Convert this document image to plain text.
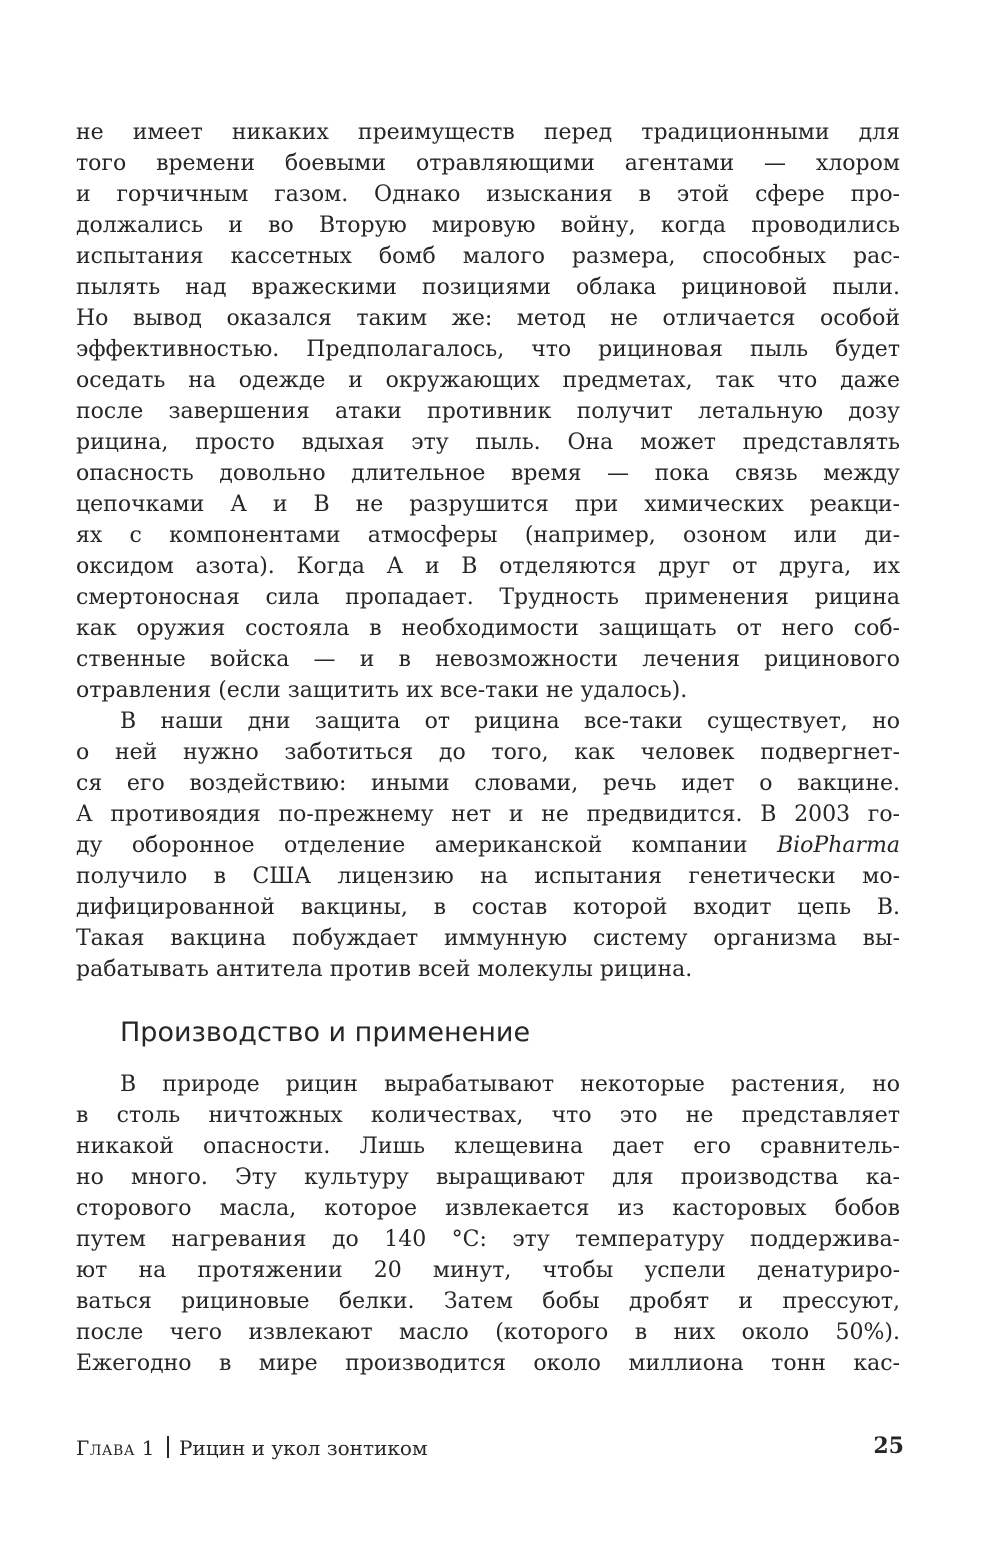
не имеет никаких преимуществ перед традиционными для
того времени боевыми отравляющими агентами — хлором
и горчичным газом. Однако изыскания в этой сфере про-
должались и во Вторую мировую войну, когда проводились
испытания кассетных бомб малого размера, способных рас-
пылять над вражескими позициями облака рициновой пыли.
Но вывод оказался таким же: метод не отличается особой
эффективностью. Предполагалось, что рициновая пыль будет
оседать на одежде и окружающих предметах, так что даже
после завершения атаки противник получит летальную дозу
рицина, просто вдыхая эту пыль. Она может представлять
опасность довольно длительное время — пока связь между
цепочками А и В не разрушится при химических реакци-
ях с компонентами атмосферы (например, озоном или ди-
оксидом азота). Когда А и В отделяются друг от друга, их
смертоносная сила пропадает. Трудность применения рицина
как оружия состояла в необходимости защищать от него соб-
ственные войска — и в невозможности лечения рицинового
отравления (если защитить их все-таки не удалось).
В наши дни защита от рицина все-таки существует, но
о ней нужно заботиться до того, как человек подвергнет-
ся его воздействию: иными словами, речь идет о вакцине.
А противоядия по-прежнему нет и не предвидится. В 2003 го-
ду оборонное отделение американской компании BioPharma
получило в США лицензию на испытания генетически мо-
дифицированной вакцины, в состав которой входит цепь В.
Такая вакцина побуждает иммунную систему организма вы-
рабатывать антитела против всей молекулы рицина.
Производство и применение
В природе рицин вырабатывают некоторые растения, но
в столь ничтожных количествах, что это не представляет
никакой опасности. Лишь клещевина дает его сравнитель-
но много. Эту культуру выращивают для производства ка-
сторового масла, которое извлекается из касторовых бобов
путем нагревания до 140 °C: эту температуру поддержива-
ют на протяжении 20 минут, чтобы успели денатуриро-
ваться рициновые белки. Затем бобы дробят и прессуют,
после чего извлекают масло (которого в них около 50%).
Ежегодно в мире производится около миллиона тонн кас-
Глава 1 Рицин и укол зонтиком	25
